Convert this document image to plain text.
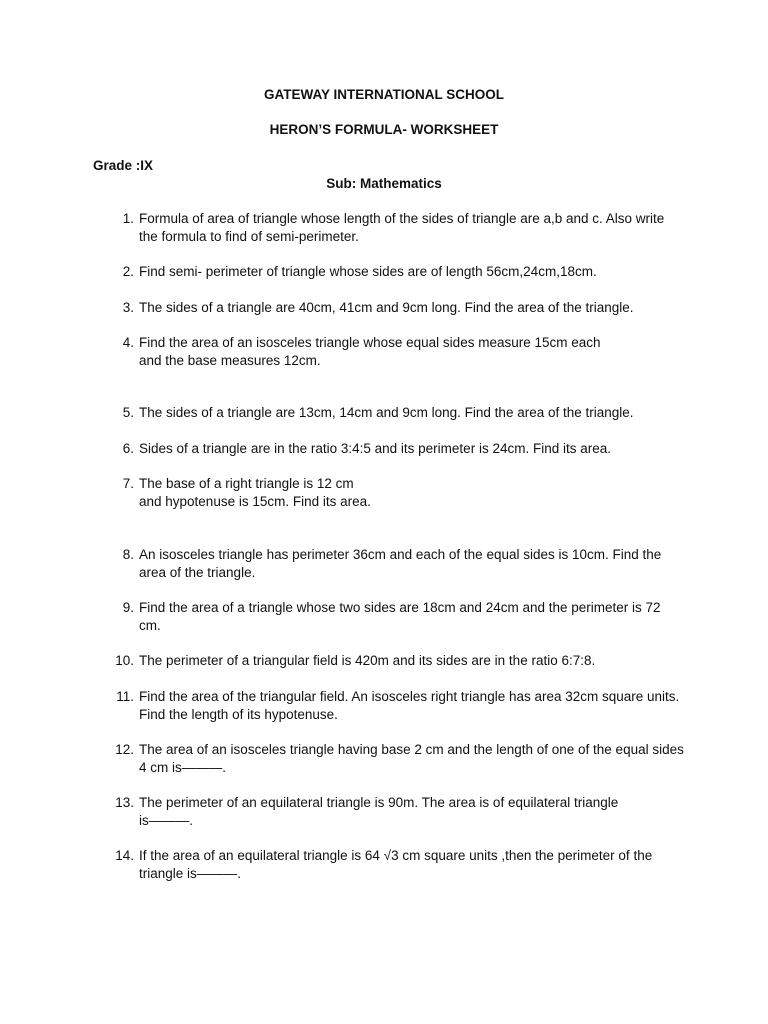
GATEWAY INTERNATIONAL SCHOOL
HERON’S FORMULA- WORKSHEET
Grade :IX
Sub: Mathematics
1. Formula of area of triangle whose length of the sides of triangle are a,b and c. Also write the formula to find of semi-perimeter.
2. Find semi- perimeter of triangle whose sides are of length 56cm,24cm,18cm.
3. The sides of a triangle are 40cm, 41cm and 9cm long. Find the area of the triangle.
4. Find the area of an isosceles triangle whose equal sides measure 15cm each
and the base measures 12cm.
5. The sides of a triangle are 13cm, 14cm and 9cm long. Find the area of the triangle.
6. Sides of a triangle are in the ratio 3:4:5 and its perimeter is 24cm. Find its area.
7. The base of a right triangle is 12 cm
and hypotenuse is 15cm. Find its area.
8. An isosceles triangle has perimeter 36cm and each of the equal sides is 10cm. Find the area of the triangle.
9. Find the area of a triangle whose two sides are 18cm and 24cm and the perimeter is 72 cm.
10. The perimeter of a triangular field is 420m and its sides are in the ratio 6:7:8.
11. Find the area of the triangular field. An isosceles right triangle has area 32cm square units. Find the length of its hypotenuse.
12. The area of an isosceles triangle having base 2 cm and the length of one of the equal sides 4 cm is———.
13. The perimeter of an equilateral triangle is 90m. The area is of equilateral triangle
is———.
14. If the area of an equilateral triangle is 64 √3 cm square units ,then the perimeter of the triangle is———.
